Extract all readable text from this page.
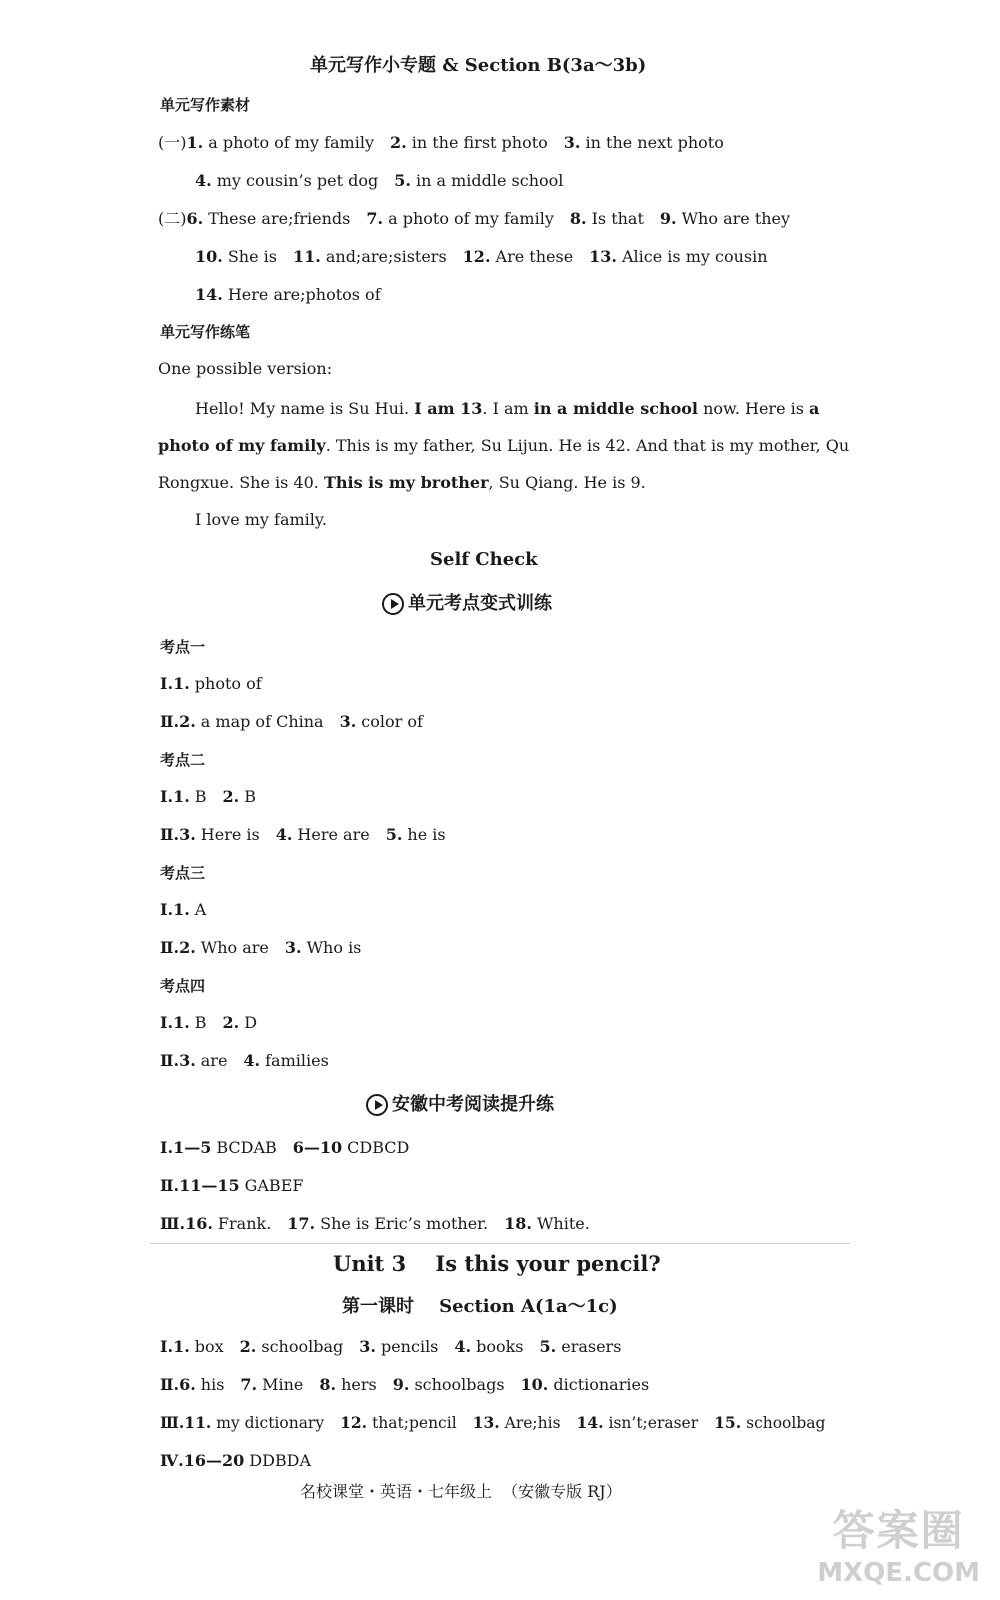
单元写作小专题 & Section B(3a～3b)
单元写作素材
(一)1. a photo of my family 2. in the first photo 3. in the next photo
4. my cousin’s pet dog 5. in a middle school
(二)6. These are;friends 7. a photo of my family 8. Is that 9. Who are they
10. She is 11. and;are;sisters 12. Are these 13. Alice is my cousin
14. Here are;photos of
单元写作练笔
One possible version:
Hello! My name is Su Hui. I am 13. I am in a middle school now. Here is a
photo of my family. This is my father, Su Lijun. He is 42. And that is my mother, Qu
Rongxue. She is 40. This is my brother, Su Qiang. He is 9.
I love my family.
Self Check
单元考点变式训练
考点一
Ⅰ.1. photo of
Ⅱ.2. a map of China 3. color of
考点二
Ⅰ.1. B 2. B
Ⅱ.3. Here is 4. Here are 5. he is
考点三
Ⅰ.1. A
Ⅱ.2. Who are 3. Who is
考点四
Ⅰ.1. B 2. D
Ⅱ.3. are 4. families
安徽中考阅读提升练
Ⅰ.1—5 BCDAB 6—10 CDBCD
Ⅱ.11—15 GABEF
Ⅲ.16. Frank. 17. She is Eric’s mother. 18. White.
Unit 3    Is this your pencil?
第一课时    Section A(1a～1c)
Ⅰ.1. box 2. schoolbag 3. pencils 4. books 5. erasers
Ⅱ.6. his 7. Mine 8. hers 9. schoolbags 10. dictionaries
Ⅲ.11. my dictionary 12. that;pencil 13. Are;his 14. isn’t;eraser 15. schoolbag
Ⅳ.16—20 DDBDA
名校课堂・英语・七年级上  （安徽专版 RJ）
答案圈
MXQE.COM
